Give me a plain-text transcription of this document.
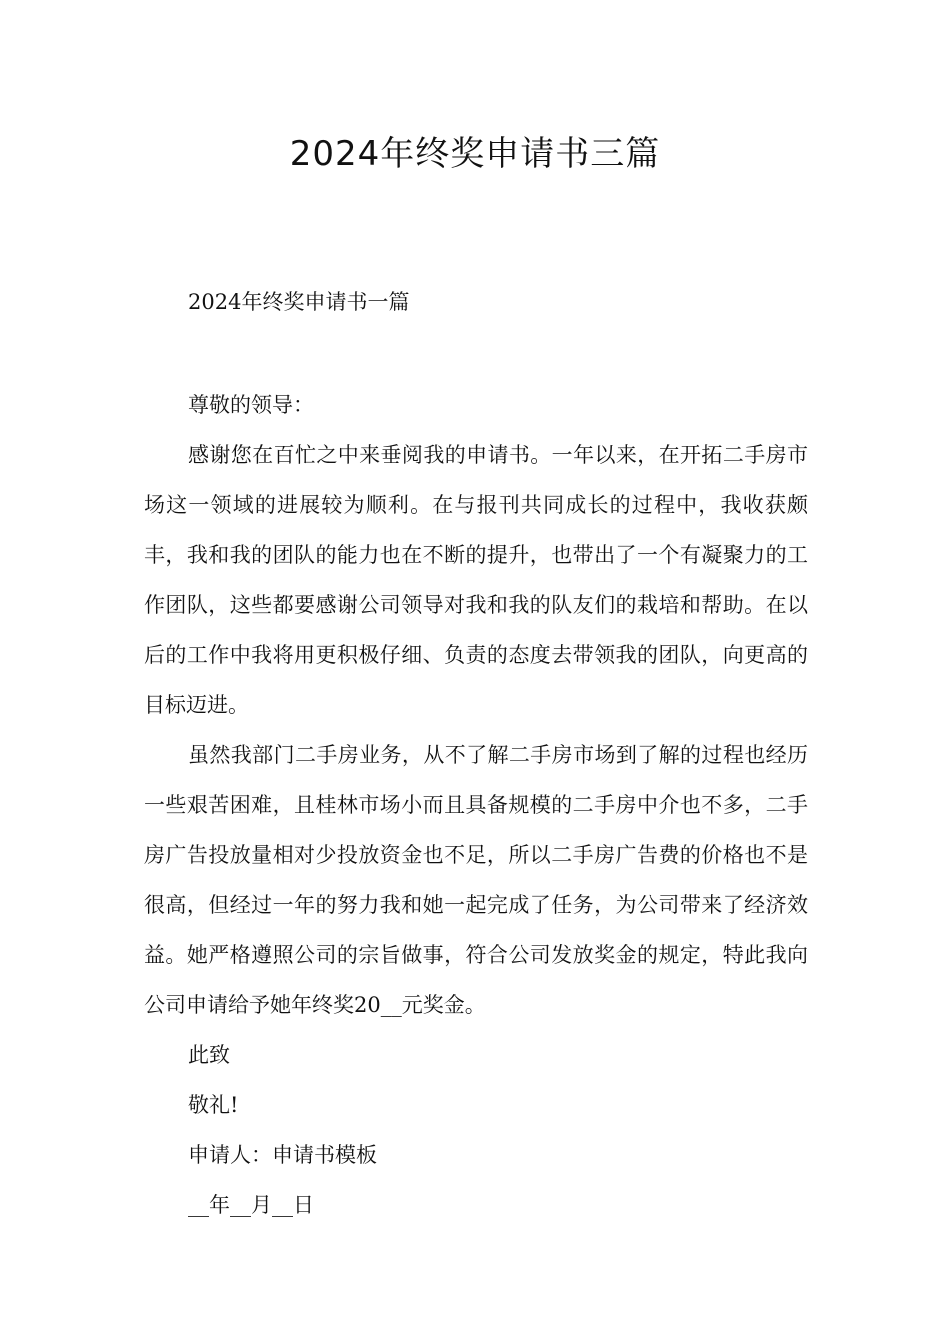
2024年终奖申请书三篇

2024年终奖申请书一篇

尊敬的领导：

感谢您在百忙之中来垂阅我的申请书。一年以来，在开拓二手房市场这一领域的进展较为顺利。在与报刊共同成长的过程中，我收获颇丰，我和我的团队的能力也在不断的提升，也带出了一个有凝聚力的工作团队，这些都要感谢公司领导对我和我的队友们的栽培和帮助。在以后的工作中我将用更积极仔细、负责的态度去带领我的团队，向更高的目标迈进。

虽然我部门二手房业务，从不了解二手房市场到了解的过程也经历一些艰苦困难，且桂林市场小而且具备规模的二手房中介也不多，二手房广告投放量相对少投放资金也不足，所以二手房广告费的价格也不是很高，但经过一年的努力我和她一起完成了任务，为公司带来了经济效益。她严格遵照公司的宗旨做事，符合公司发放奖金的规定，特此我向公司申请给予她年终奖20__元奖金。

此致

敬礼!

申请人：申请书模板

__年__月__日
